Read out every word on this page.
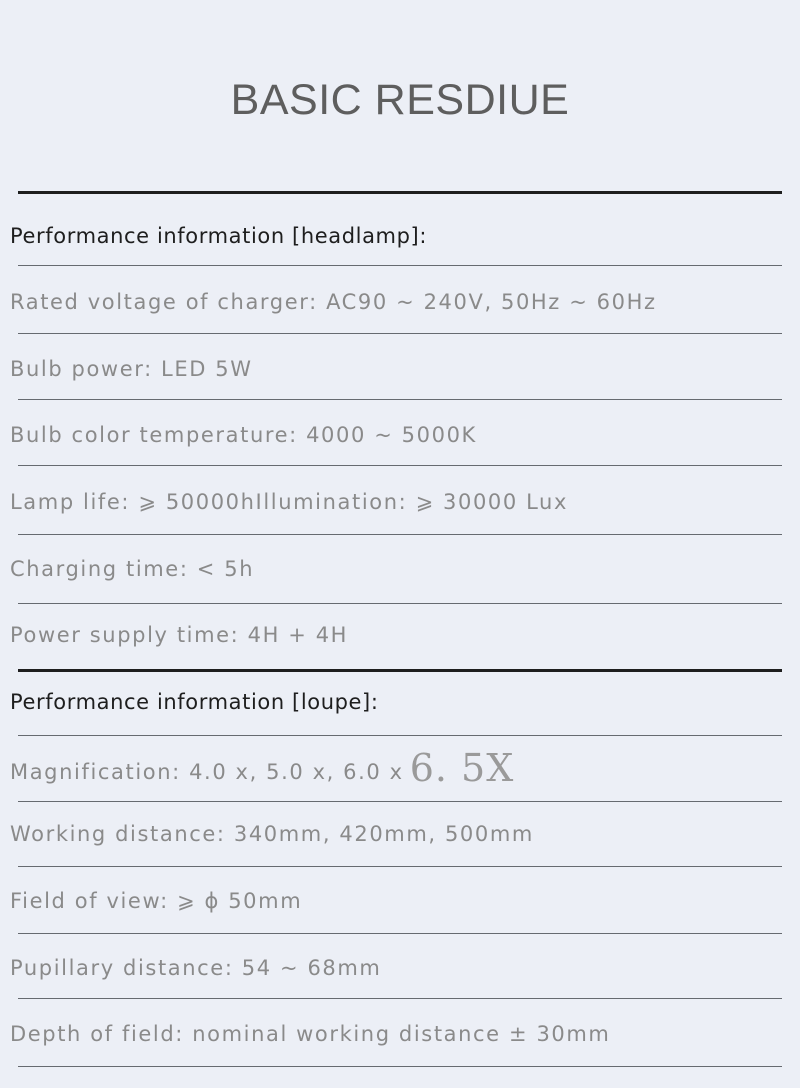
BASIC RESDIUE
Performance information [headlamp]:
Rated voltage of charger: AC90 ~ 240V, 50Hz ~ 60Hz
Bulb power: LED 5W
Bulb color temperature: 4000 ~ 5000K
Lamp life: ⩾ 50000hIllumination: ⩾ 30000 Lux
Charging time: < 5h
Power supply time: 4H + 4H
Performance information [loupe]:
Magnification: 4.0 x, 5.0 x, 6.0 x 6. 5X
Working distance: 340mm, 420mm, 500mm
Field of view: ⩾ ɸ 50mm
Pupillary distance: 54 ~ 68mm
Depth of field: nominal working distance ± 30mm
